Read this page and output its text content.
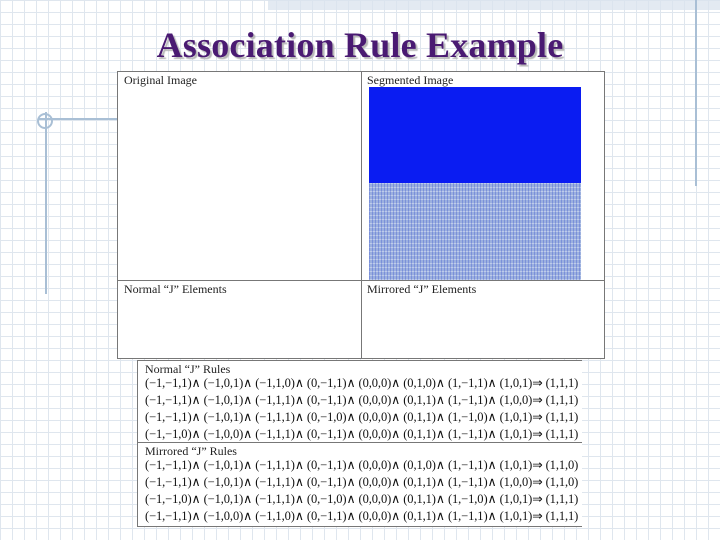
Association Rule Example
Original Image	Segmented Image
Normal “J” Elements	Mirrored “J” Elements
Normal “J” Rules
(−1,−1,1)∧ (−1,0,1)∧ (−1,1,0)∧ (0,−1,1)∧ (0,0,0)∧ (0,1,0)∧ (1,−1,1)∧ (1,0,1)⇒ (1,1,1)
(−1,−1,1)∧ (−1,0,1)∧ (−1,1,1)∧ (0,−1,1)∧ (0,0,0)∧ (0,1,1)∧ (1,−1,1)∧ (1,0,0)⇒ (1,1,1)
(−1,−1,1)∧ (−1,0,1)∧ (−1,1,1)∧ (0,−1,0)∧ (0,0,0)∧ (0,1,1)∧ (1,−1,0)∧ (1,0,1)⇒ (1,1,1)
(−1,−1,0)∧ (−1,0,0)∧ (−1,1,1)∧ (0,−1,1)∧ (0,0,0)∧ (0,1,1)∧ (1,−1,1)∧ (1,0,1)⇒ (1,1,1)
Mirrored “J” Rules
(−1,−1,1)∧ (−1,0,1)∧ (−1,1,1)∧ (0,−1,1)∧ (0,0,0)∧ (0,1,0)∧ (1,−1,1)∧ (1,0,1)⇒ (1,1,0)
(−1,−1,1)∧ (−1,0,1)∧ (−1,1,1)∧ (0,−1,1)∧ (0,0,0)∧ (0,1,1)∧ (1,−1,1)∧ (1,0,0)⇒ (1,1,0)
(−1,−1,0)∧ (−1,0,1)∧ (−1,1,1)∧ (0,−1,0)∧ (0,0,0)∧ (0,1,1)∧ (1,−1,0)∧ (1,0,1)⇒ (1,1,1)
(−1,−1,1)∧ (−1,0,0)∧ (−1,1,0)∧ (0,−1,1)∧ (0,0,0)∧ (0,1,1)∧ (1,−1,1)∧ (1,0,1)⇒ (1,1,1)
